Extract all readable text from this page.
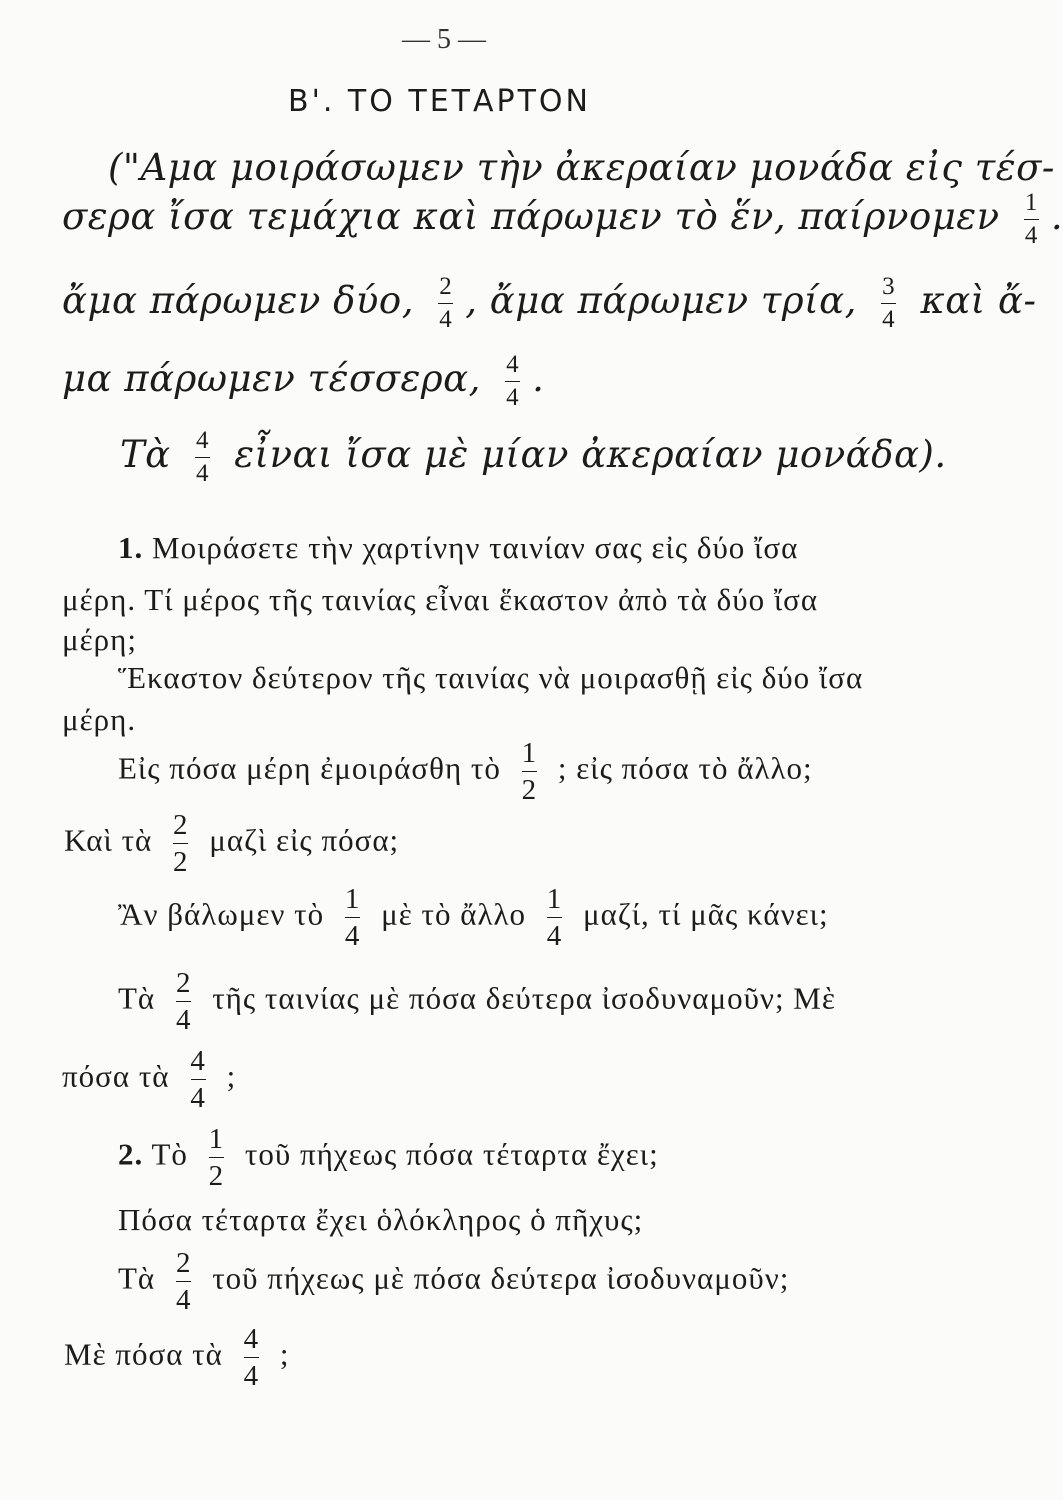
— 5 —
Β'. ΤΟ ΤΕΤΑΡΤΟΝ
("Αμα μοιράσωμεν τὴν ἀκεραίαν μονάδα εἰς τέσ-
σερα ἴσα τεμάχια καὶ πάρωμεν τὸ ἕν, παίρνομεν $\frac{1}{4}$ .
ἄμα πάρωμεν δύο, $\frac{2}{4}$ , ἄμα πάρωμεν τρία, $\frac{3}{4}$ καὶ ἄ-
μα πάρωμεν τέσσερα, $\frac{4}{4}$ .
Τὰ $\frac{4}{4}$ εἶναι ἴσα μὲ μίαν ἀκεραίαν μονάδα).
1. Μοιράσετε τὴν χαρτίνην ταινίαν σας εἰς δύο ἴσα
μέρη. Τί μέρος τῆς ταινίας εἶναι ἕκαστον ἀπὸ τὰ δύο ἴσα
μέρη;
Ἕκαστον δεύτερον τῆς ταινίας νὰ μοιρασθῇ εἰς δύο ἴσα
μέρη.
Εἰς πόσα μέρη ἐμοιράσθη τὸ $\frac{1}{2}$ ; εἰς πόσα τὸ ἄλλο;
Καὶ τὰ $\frac{2}{2}$ μαζὶ εἰς πόσα;
Ἂν βάλωμεν τὸ $\frac{1}{4}$ μὲ τὸ ἄλλο $\frac{1}{4} \mu\alpha\zeta ί$, τί μᾶς κάνει;
Τὰ $\frac{2}{4}$ τῆς ταινίας μὲ πόσα δεύτερα ἰσοδυναμοῦν; Μὲ
πόσα τὰ $\frac{4}{4}$ ;
2. Τὸ $\frac{1}{2}$ τοῦ πήχεως πόσα τέταρτα ἔχει;
Πόσα τέταρτα ἔχει ὁλόκληρος ὁ πῆχυς;
Τὰ $\frac{2}{4}$ τοῦ πήχεως μὲ πόσα δεύτερα ἰσοδυναμοῦν;
Μὲ πόσα τὰ $\frac{4}{4}$ ;
